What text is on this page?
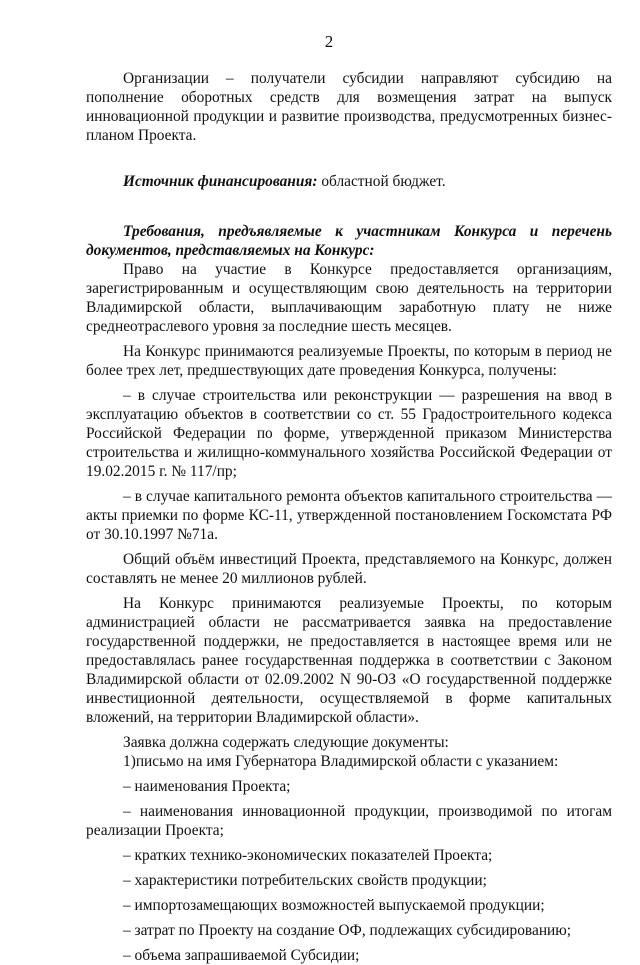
2

Организации – получатели субсидии направляют субсидию на пополнение оборотных средств для возмещения затрат на выпуск инновационной продукции и развитие производства, предусмотренных бизнес-планом Проекта.

Источник финансирования: областной бюджет.

Требования, предъявляемые к участникам Конкурса и перечень документов, представляемых на Конкурс:

Право на участие в Конкурсе предоставляется организациям, зарегистрированным и осуществляющим свою деятельность на территории Владимирской области, выплачивающим заработную плату не ниже среднеотраслевого уровня за последние шесть месяцев.

На Конкурс принимаются реализуемые Проекты, по которым в период не более трех лет, предшествующих дате проведения Конкурса, получены:

– в случае строительства или реконструкции — разрешения на ввод в эксплуатацию объектов в соответствии со ст. 55 Градостроительного кодекса Российской Федерации по форме, утвержденной приказом Министерства строительства и жилищно-коммунального хозяйства Российской Федерации от 19.02.2015 г. № 117/пр;

– в случае капитального ремонта объектов капитального строительства — акты приемки по форме КС-11, утвержденной постановлением Госкомстата РФ от 30.10.1997 №71а.

Общий объём инвестиций Проекта, представляемого на Конкурс, должен составлять не менее 20 миллионов рублей.

На Конкурс принимаются реализуемые Проекты, по которым администрацией области не рассматривается заявка на предоставление государственной поддержки, не предоставляется в настоящее время или не предоставлялась ранее государственная поддержка в соответствии с Законом Владимирской области от 02.09.2002 N 90-ОЗ «О государственной поддержке инвестиционной деятельности, осуществляемой в форме капитальных вложений, на территории Владимирской области».

Заявка должна содержать следующие документы:

1)письмо на имя Губернатора Владимирской области с указанием:

– наименования Проекта;

– наименования инновационной продукции, производимой по итогам реализации Проекта;

– кратких технико-экономических показателей Проекта;

– характеристики потребительских свойств продукции;

– импортозамещающих возможностей выпускаемой продукции;

– затрат по Проекту на создание ОФ, подлежащих субсидированию;

– объема запрашиваемой Субсидии;
